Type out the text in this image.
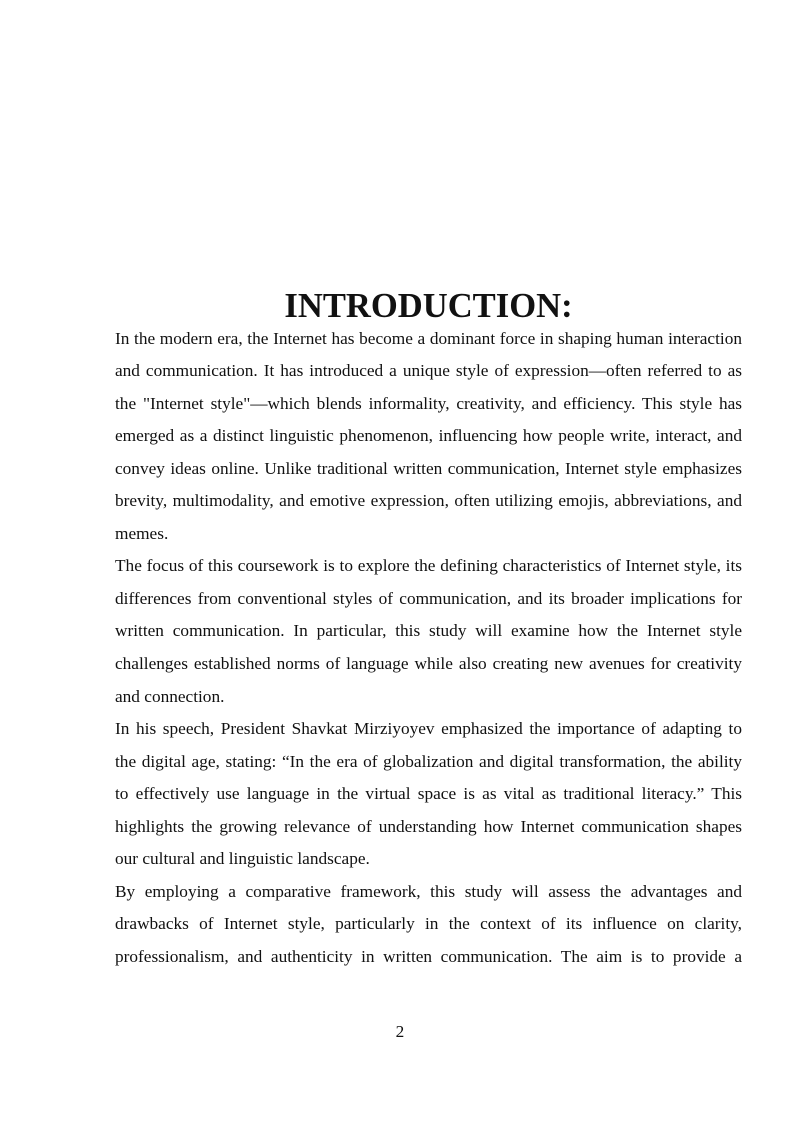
INTRODUCTION:

In the modern era, the Internet has become a dominant force in shaping human interaction and communication. It has introduced a unique style of expression—often referred to as the "Internet style"—which blends informality, creativity, and efficiency. This style has emerged as a distinct linguistic phenomenon, influencing how people write, interact, and convey ideas online. Unlike traditional written communication, Internet style emphasizes brevity, multimodality, and emotive expression, often utilizing emojis, abbreviations, and memes.

The focus of this coursework is to explore the defining characteristics of Internet style, its differences from conventional styles of communication, and its broader implications for written communication. In particular, this study will examine how the Internet style challenges established norms of language while also creating new avenues for creativity and connection.

In his speech, President Shavkat Mirziyoyev emphasized the importance of adapting to the digital age, stating: “In the era of globalization and digital transformation, the ability to effectively use language in the virtual space is as vital as traditional literacy.” This highlights the growing relevance of understanding how Internet communication shapes our cultural and linguistic landscape.

By employing a comparative framework, this study will assess the advantages and drawbacks of Internet style, particularly in the context of its influence on clarity, professionalism, and authenticity in written communication. The aim is to provide a

2
